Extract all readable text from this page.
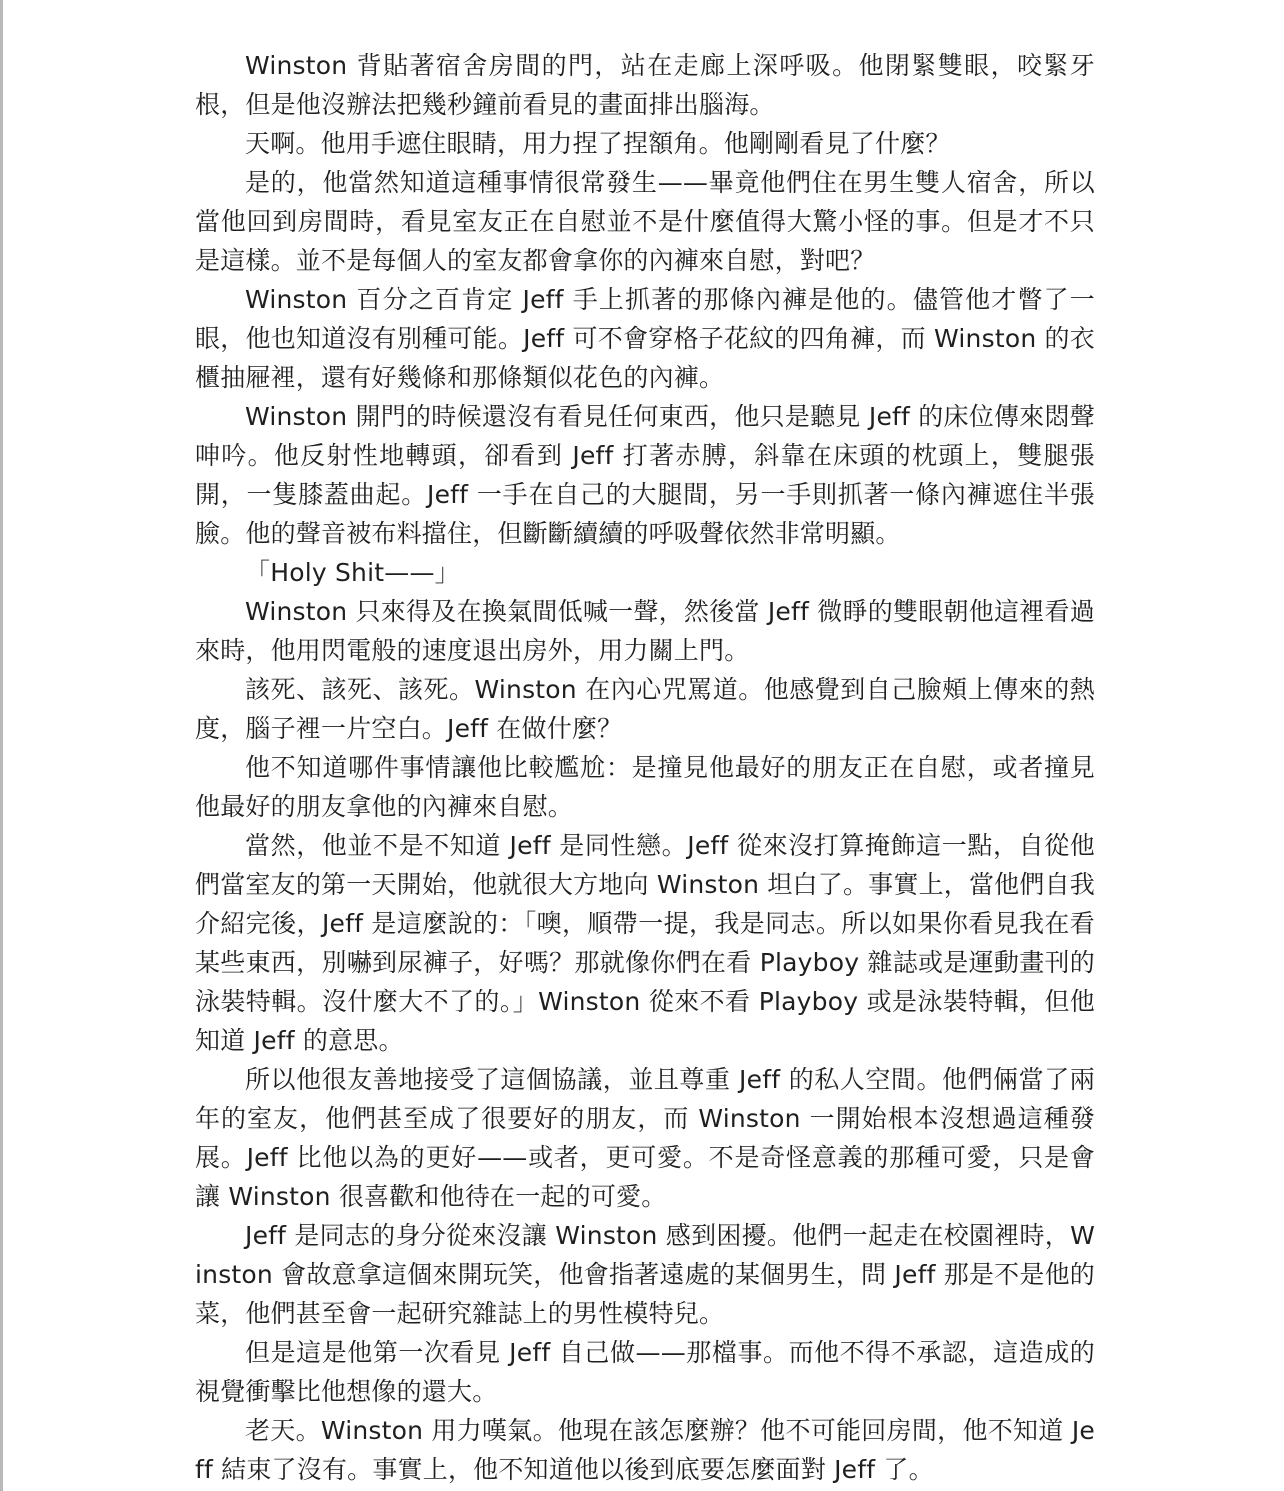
Winston 背貼著宿舍房間的門，站在走廊上深呼吸。他閉緊雙眼，咬緊牙根，但是他沒辦法把幾秒鐘前看見的畫面排出腦海。

天啊。他用手遮住眼睛，用力捏了捏額角。他剛剛看見了什麼？

是的，他當然知道這種事情很常發生——畢竟他們住在男生雙人宿舍，所以當他回到房間時，看見室友正在自慰並不是什麼值得大驚小怪的事。但是才不只是這樣。並不是每個人的室友都會拿你的內褲來自慰，對吧？

Winston 百分之百肯定 Jeff 手上抓著的那條內褲是他的。儘管他才瞥了一眼，他也知道沒有別種可能。Jeff 可不會穿格子花紋的四角褲，而 Winston 的衣櫃抽屜裡，還有好幾條和那條類似花色的內褲。

Winston 開門的時候還沒有看見任何東西，他只是聽見 Jeff 的床位傳來悶聲呻吟。他反射性地轉頭，卻看到 Jeff 打著赤膊，斜靠在床頭的枕頭上，雙腿張開，一隻膝蓋曲起。Jeff 一手在自己的大腿間，另一手則抓著一條內褲遮住半張臉。他的聲音被布料擋住，但斷斷續續的呼吸聲依然非常明顯。

「Holy Shit——」

Winston 只來得及在換氣間低喊一聲，然後當 Jeff 微睜的雙眼朝他這裡看過來時，他用閃電般的速度退出房外，用力關上門。

該死、該死、該死。Winston 在內心咒罵道。他感覺到自己臉頰上傳來的熱度，腦子裡一片空白。Jeff 在做什麼？

他不知道哪件事情讓他比較尷尬：是撞見他最好的朋友正在自慰，或者撞見他最好的朋友拿他的內褲來自慰。

當然，他並不是不知道 Jeff 是同性戀。Jeff 從來沒打算掩飾這一點，自從他們當室友的第一天開始，他就很大方地向 Winston 坦白了。事實上，當他們自我介紹完後，Jeff 是這麼說的：「噢，順帶一提，我是同志。所以如果你看見我在看某些東西，別嚇到尿褲子，好嗎？那就像你們在看 Playboy 雜誌或是運動畫刊的泳裝特輯。沒什麼大不了的。」Winston 從來不看 Playboy 或是泳裝特輯，但他知道 Jeff 的意思。

所以他很友善地接受了這個協議，並且尊重 Jeff 的私人空間。他們倆當了兩年的室友，他們甚至成了很要好的朋友，而 Winston 一開始根本沒想過這種發展。Jeff 比他以為的更好——或者，更可愛。不是奇怪意義的那種可愛，只是會讓 Winston 很喜歡和他待在一起的可愛。

Jeff 是同志的身分從來沒讓 Winston 感到困擾。他們一起走在校園裡時，Winston 會故意拿這個來開玩笑，他會指著遠處的某個男生，問 Jeff 那是不是他的菜，他們甚至會一起研究雜誌上的男性模特兒。

但是這是他第一次看見 Jeff 自己做——那檔事。而他不得不承認，這造成的視覺衝擊比他想像的還大。

老天。Winston 用力嘆氣。他現在該怎麼辦？他不可能回房間，他不知道 Jeff 結束了沒有。事實上，他不知道他以後到底要怎麼面對 Jeff 了。
